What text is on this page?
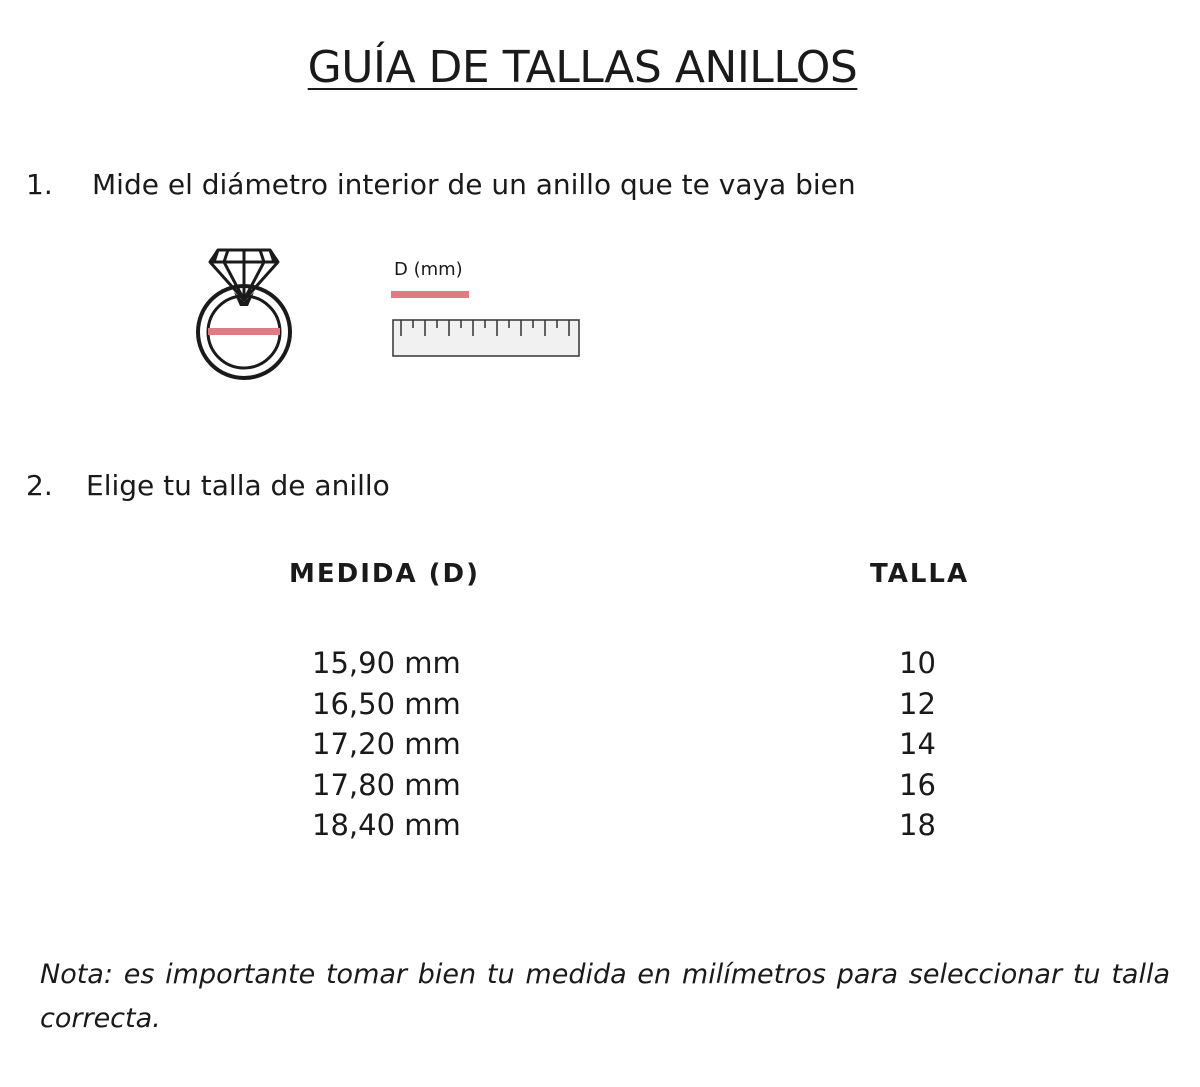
GUÍA DE TALLAS ANILLOS
1. Mide el diámetro interior de un anillo que te vaya bien
D (mm)
2. Elige tu talla de anillo
MEDIDA (D)	TALLA
15,90 mm	10
16,50 mm	12
17,20 mm	14
17,80 mm	16
18,40 mm	18
Nota: es importante tomar bien tu medida en milímetros para seleccionar tu talla correcta.
